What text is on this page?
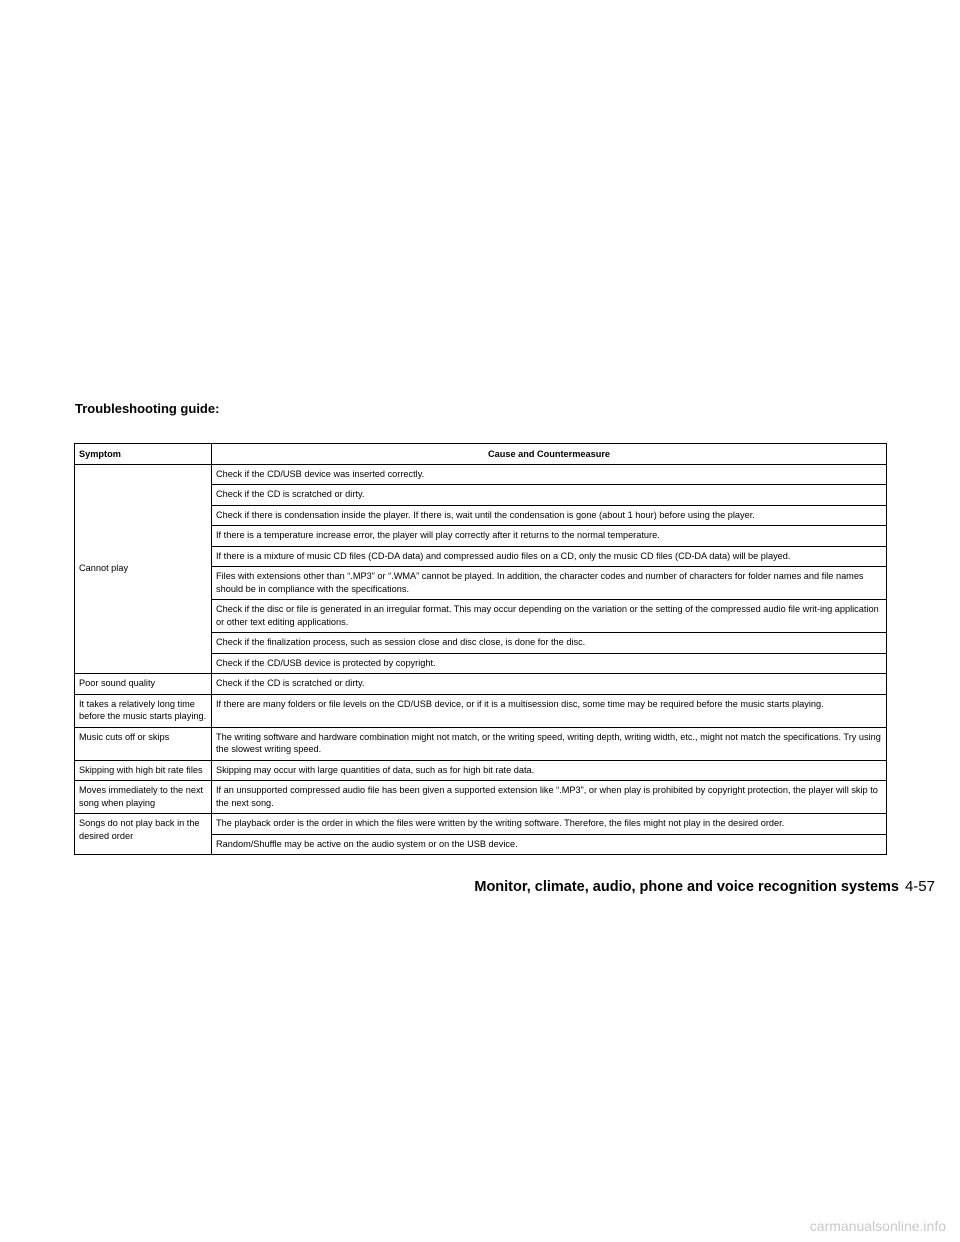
Troubleshooting guide:
Symptom	Cause and Countermeasure
Cannot play	Check if the CD/USB device was inserted correctly.
	Check if the CD is scratched or dirty.
	Check if there is condensation inside the player. If there is, wait until the condensation is gone (about 1 hour) before using the player.
	If there is a temperature increase error, the player will play correctly after it returns to the normal temperature.
	If there is a mixture of music CD files (CD-DA data) and compressed audio files on a CD, only the music CD files (CD-DA data) will be played.
	Files with extensions other than “.MP3” or “.WMA” cannot be played. In addition, the character codes and number of characters for folder names and file names should be in compliance with the specifications.
	Check if the disc or file is generated in an irregular format. This may occur depending on the variation or the setting of the compressed audio file writ-ing application or other text editing applications.
	Check if the finalization process, such as session close and disc close, is done for the disc.
	Check if the CD/USB device is protected by copyright.
Poor sound quality	Check if the CD is scratched or dirty.
It takes a relatively long time before the music starts playing.	If there are many folders or file levels on the CD/USB device, or if it is a multisession disc, some time may be required before the music starts playing.
Music cuts off or skips	The writing software and hardware combination might not match, or the writing speed, writing depth, writing width, etc., might not match the specifications. Try using the slowest writing speed.
Skipping with high bit rate files	Skipping may occur with large quantities of data, such as for high bit rate data.
Moves immediately to the next song when playing	If an unsupported compressed audio file has been given a supported extension like “.MP3”, or when play is prohibited by copyright protection, the player will skip to the next song.
Songs do not play back in the desired order	The playback order is the order in which the files were written by the writing software. Therefore, the files might not play in the desired order.
	Random/Shuffle may be active on the audio system or on the USB device.
Monitor, climate, audio, phone and voice recognition systems 4-57
carmanualsonline.info
